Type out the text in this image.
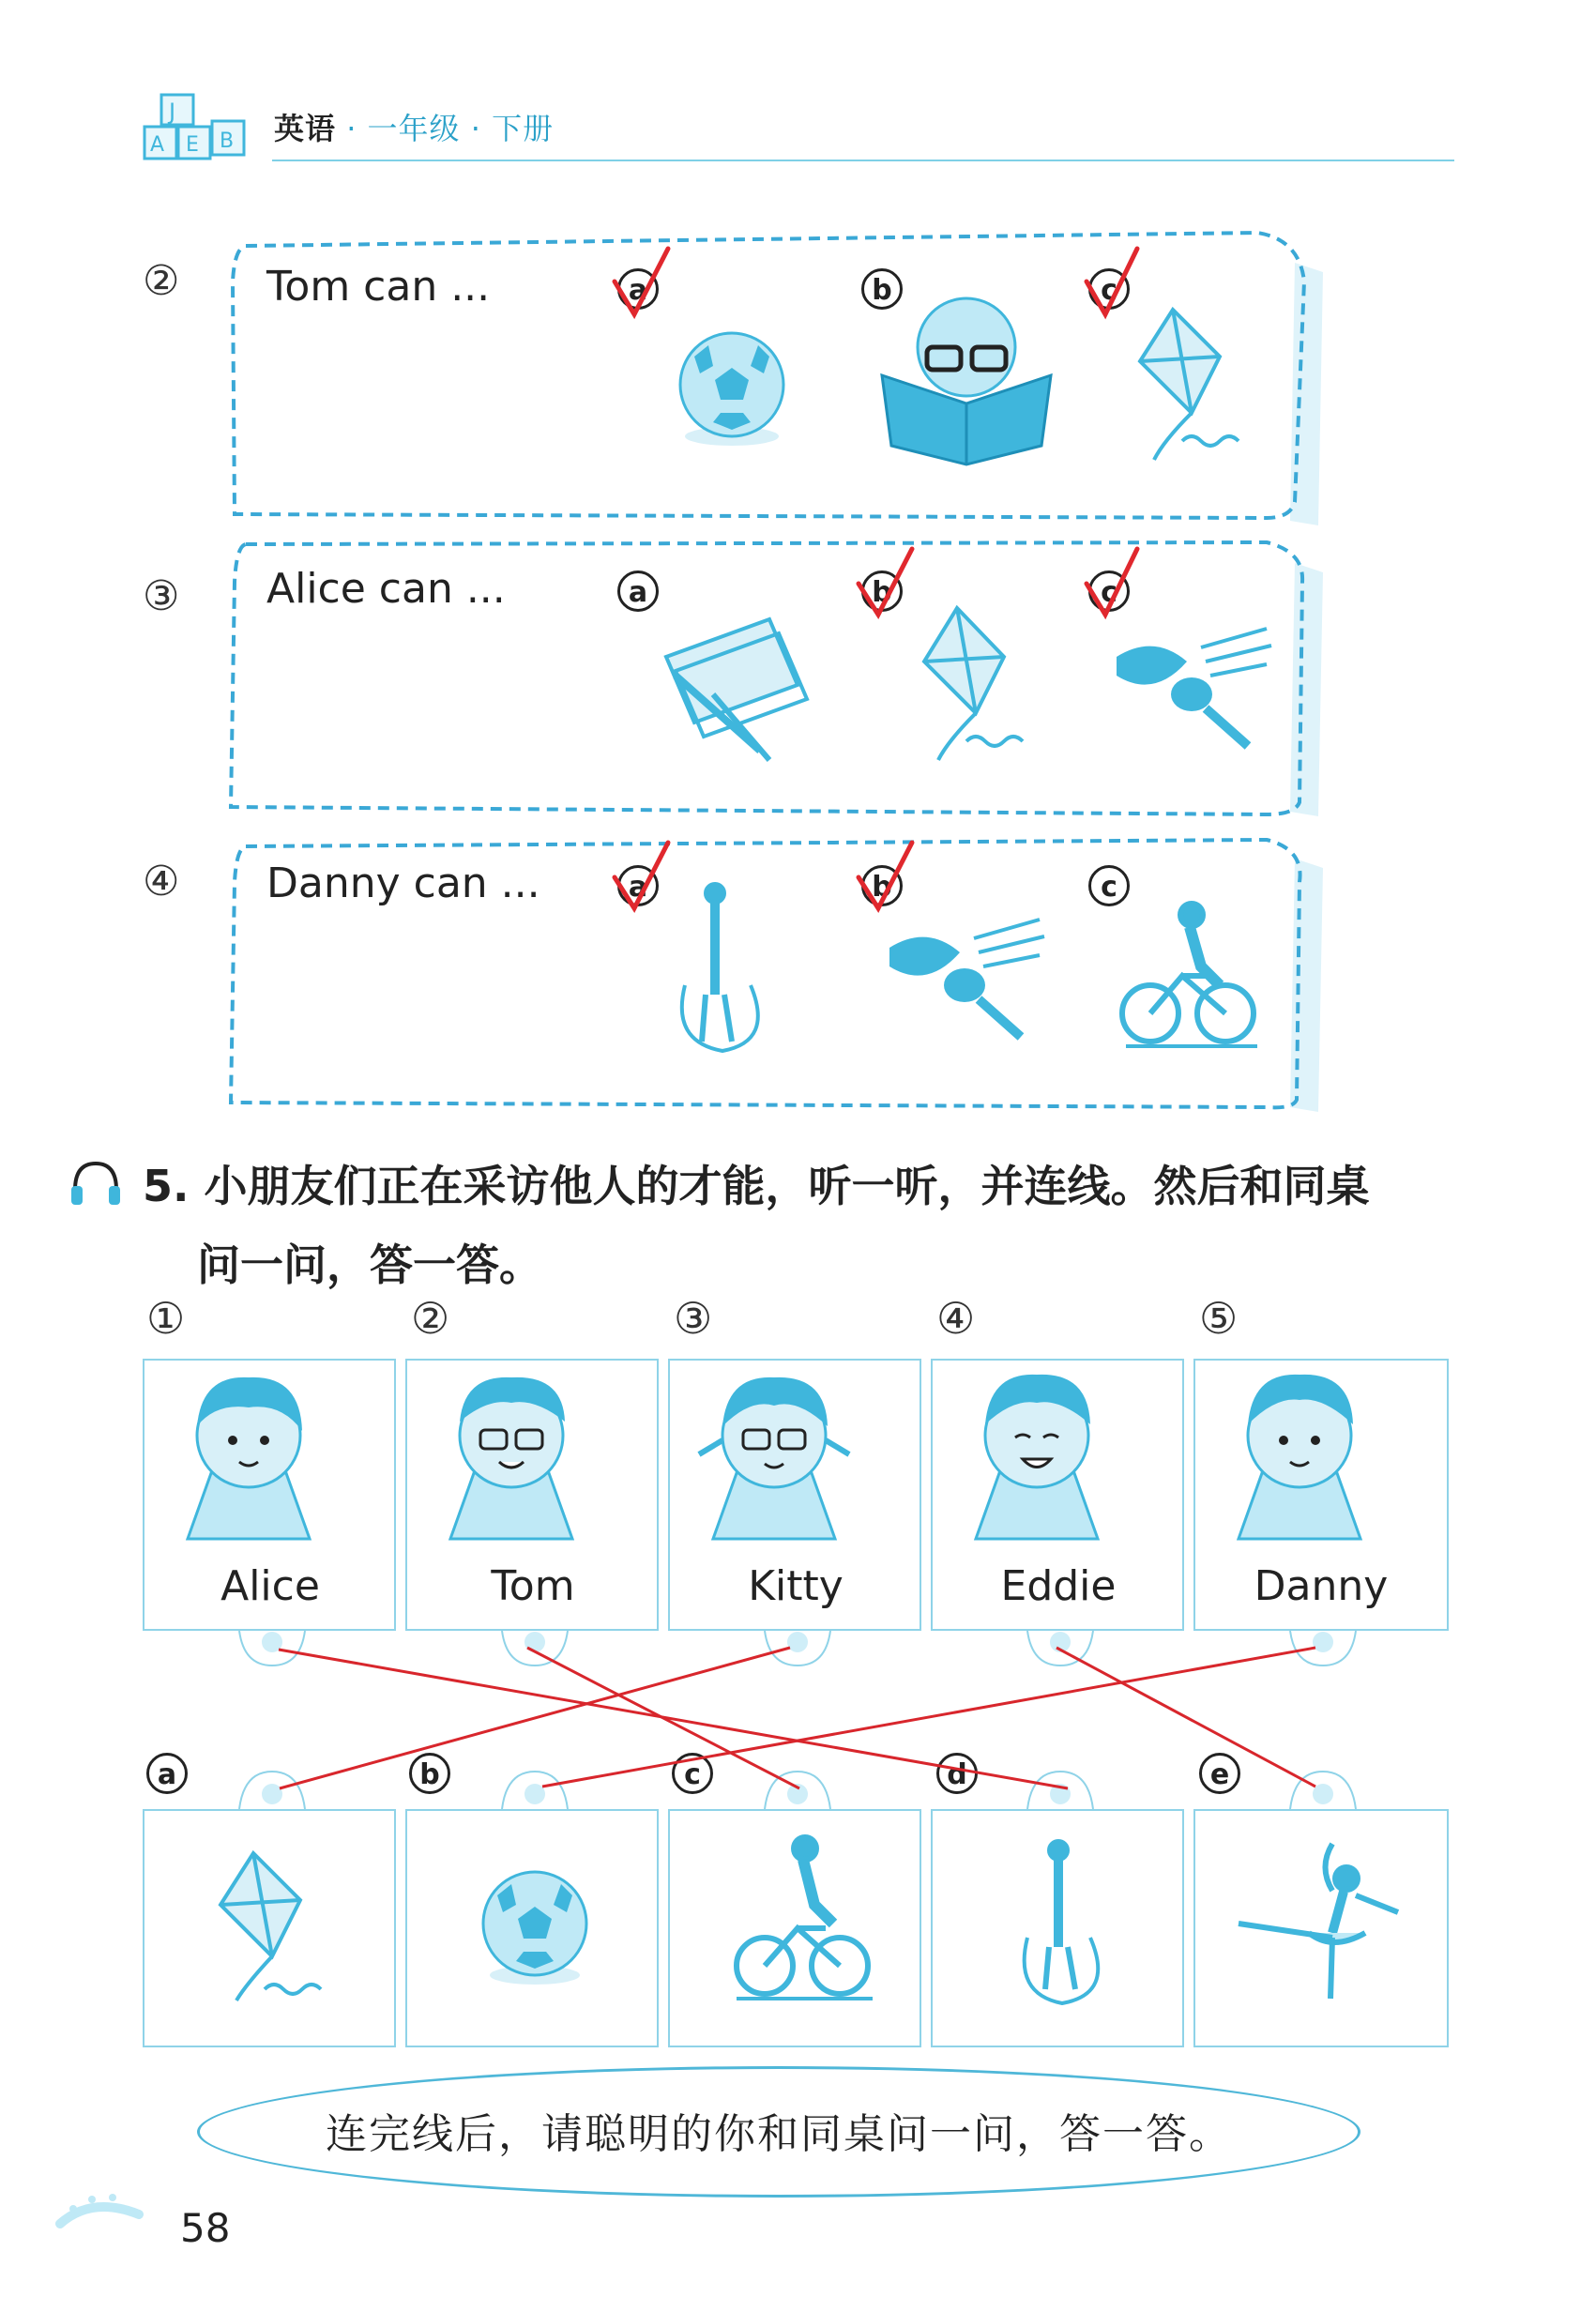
J
A E B 英语 · 一年级 · 下册
② Tom can ...	a	b	c
③ Alice can ...	a	b	c
④ Danny can ...	a	b	c
5. 小朋友们正在采访他人的才能，听一听，并连线。然后和同桌
问一问，答一答。
①	②	③	④	⑤
Alice	Tom	Kitty	Eddie	Danny
a	b	c	d	e
连完线后，请聪明的你和同桌问一问，答一答。
58
